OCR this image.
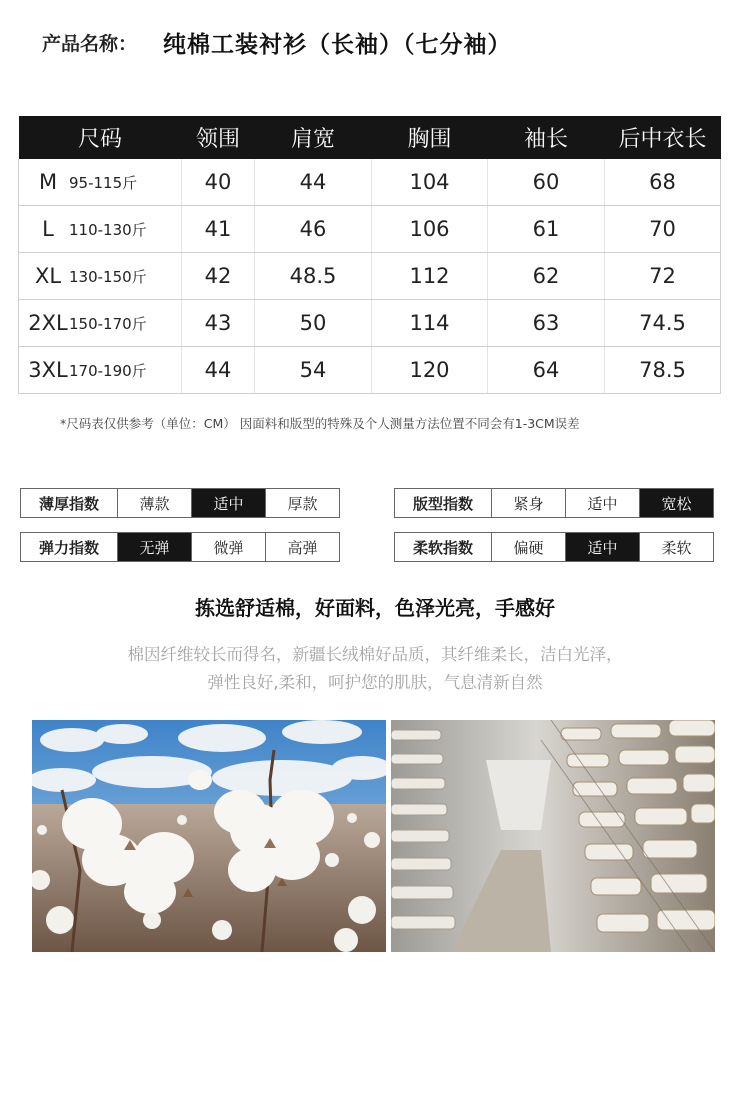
产品名称： 纯棉工装衬衫（长袖）（七分袖）
尺码	领围	肩宽	胸围	袖长	后中衣长

M 95-115斤	40	44	104	60	68

L 110-130斤	41	46	106	61	70

XL 130-150斤	42	48.5	112	62	72

2XL 150-170斤	43	50	114	63	74.5

3XL 170-190斤	44	54	120	64	78.5
*尺码表仅供参考（单位：CM） 因面料和版型的特殊及个人测量方法位置不同会有1-3CM误差
薄厚指数	薄款	适中	厚款
弹力指数	无弹	微弹	高弹
版型指数	紧身	适中	宽松
柔软指数	偏硬	适中	柔软
拣选舒适棉，好面料，色泽光亮，手感好
棉因纤维较长而得名，新疆长绒棉好品质，其纤维柔长，洁白光泽，
弹性良好,柔和，呵护您的肌肤，气息清新自然
